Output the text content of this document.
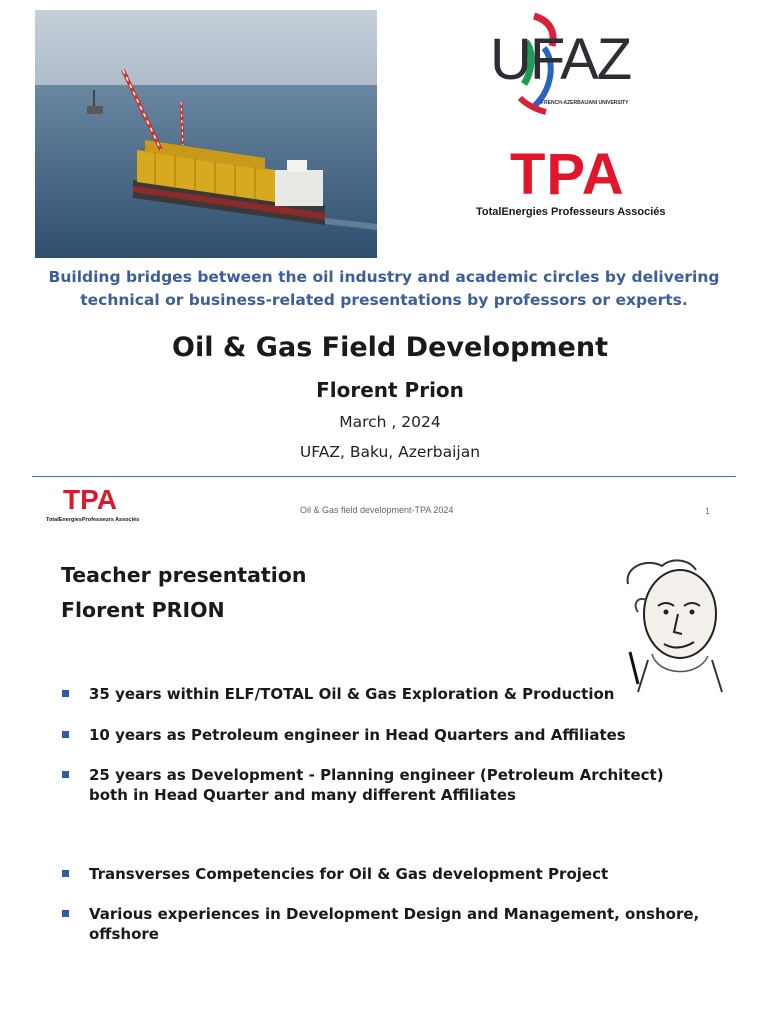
UFAZ
FRENCH-AZERBAIJANI UNIVERSITY
TPA
TotalEnergies Professeurs Associés
Building bridges between the oil industry and academic circles by delivering technical or business-related presentations by professors or experts.
Oil & Gas Field Development
Florent Prion
March , 2024
UFAZ, Baku, Azerbaijan
TPA
TotalEnergiesProfesseurs Associés
Oil & Gas field development-TPA 2024	1
Teacher presentation
Florent PRION
35 years within ELF/TOTAL Oil & Gas Exploration & Production
10 years as Petroleum engineer in Head Quarters and Affiliates
25 years as Development - Planning engineer (Petroleum Architect) both in Head Quarter and many different Affiliates
Transverses Competencies for Oil & Gas development Project
Various experiences in Development Design and Management, onshore, offshore
